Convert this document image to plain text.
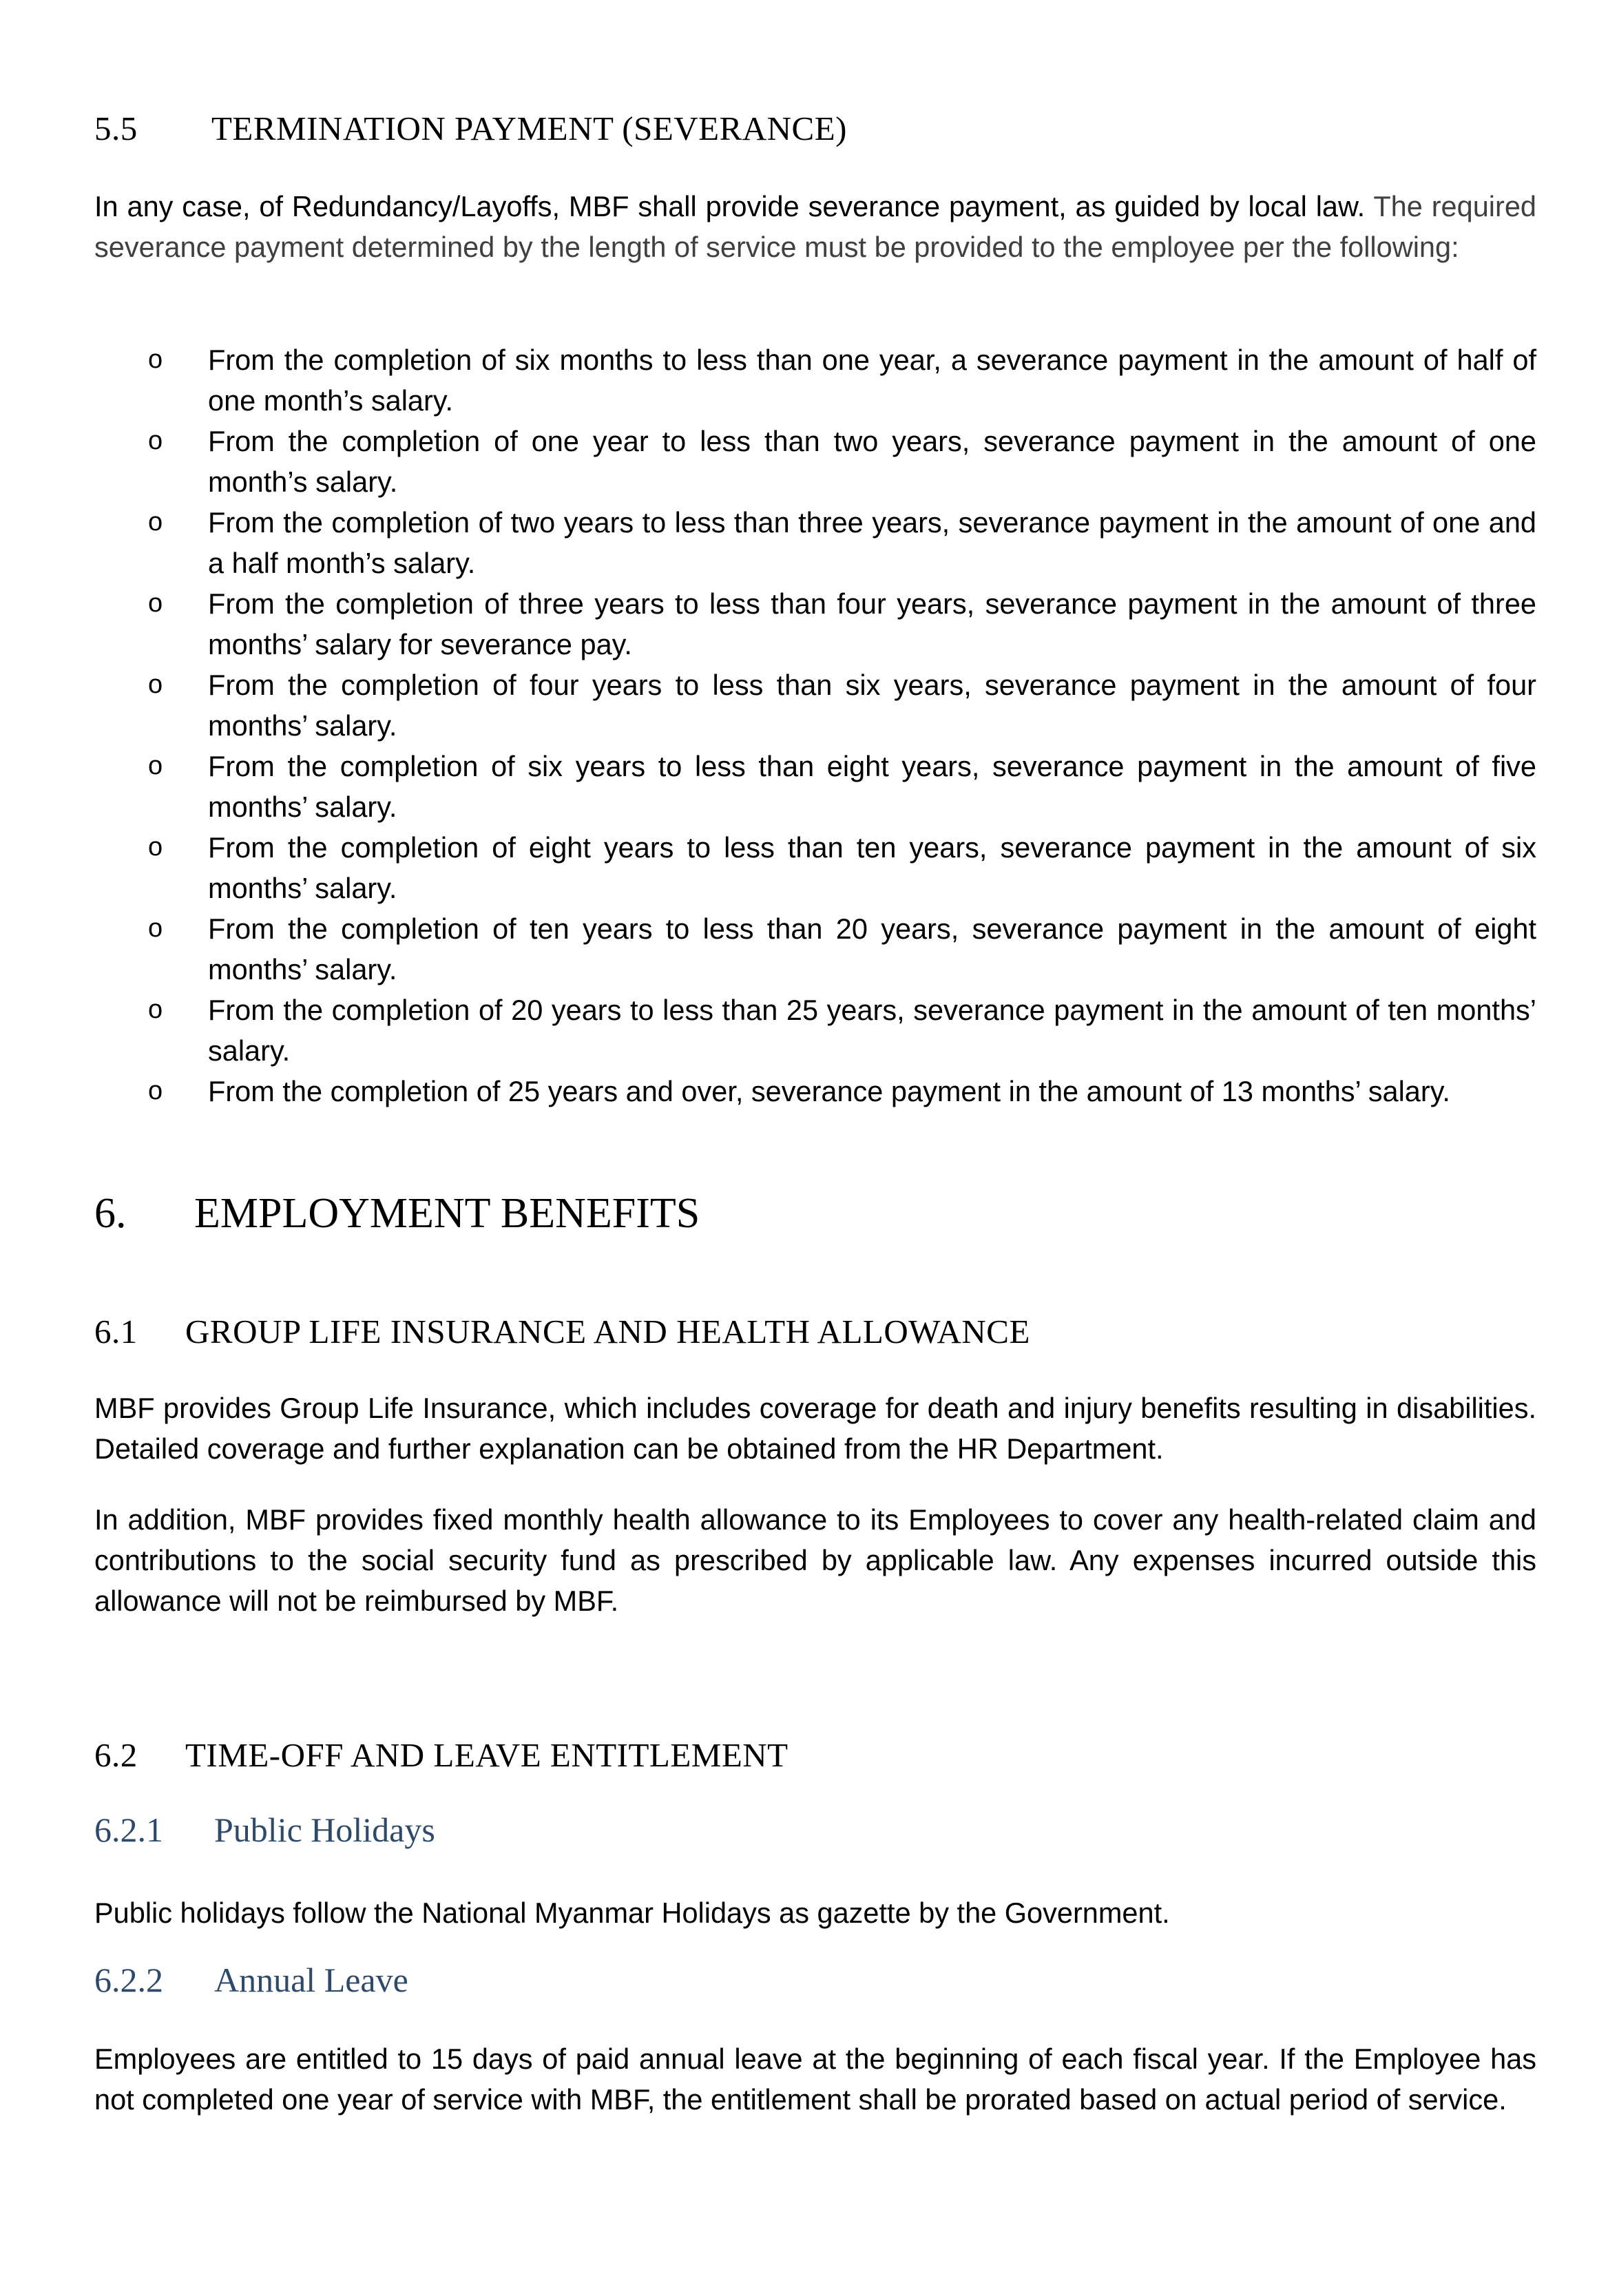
5.5 TERMINATION PAYMENT (SEVERANCE)

In any case, of Redundancy/Layoffs, MBF shall provide severance payment, as guided by local law. The required severance payment determined by the length of service must be provided to the employee per the following:

o From the completion of six months to less than one year, a severance payment in the amount of half of one month’s salary.
o From the completion of one year to less than two years, severance payment in the amount of one month’s salary.
o From the completion of two years to less than three years, severance payment in the amount of one and a half month’s salary.
o From the completion of three years to less than four years, severance payment in the amount of three months’ salary for severance pay.
o From the completion of four years to less than six years, severance payment in the amount of four months’ salary.
o From the completion of six years to less than eight years, severance payment in the amount of five months’ salary.
o From the completion of eight years to less than ten years, severance payment in the amount of six months’ salary.
o From the completion of ten years to less than 20 years, severance payment in the amount of eight months’ salary.
o From the completion of 20 years to less than 25 years, severance payment in the amount of ten months’ salary.
o From the completion of 25 years and over, severance payment in the amount of 13 months’ salary.
6. EMPLOYMENT BENEFITS
6.1 GROUP LIFE INSURANCE AND HEALTH ALLOWANCE

MBF provides Group Life Insurance, which includes coverage for death and injury benefits resulting in disabilities. Detailed coverage and further explanation can be obtained from the HR Department.

In addition, MBF provides fixed monthly health allowance to its Employees to cover any health-related claim and contributions to the social security fund as prescribed by applicable law. Any expenses incurred outside this allowance will not be reimbursed by MBF.

6.2 TIME-OFF AND LEAVE ENTITLEMENT
6.2.1 Public Holidays

Public holidays follow the National Myanmar Holidays as gazette by the Government.

6.2.2 Annual Leave

Employees are entitled to 15 days of paid annual leave at the beginning of each fiscal year. If the Employee has not completed one year of service with MBF, the entitlement shall be prorated based on actual period of service.
